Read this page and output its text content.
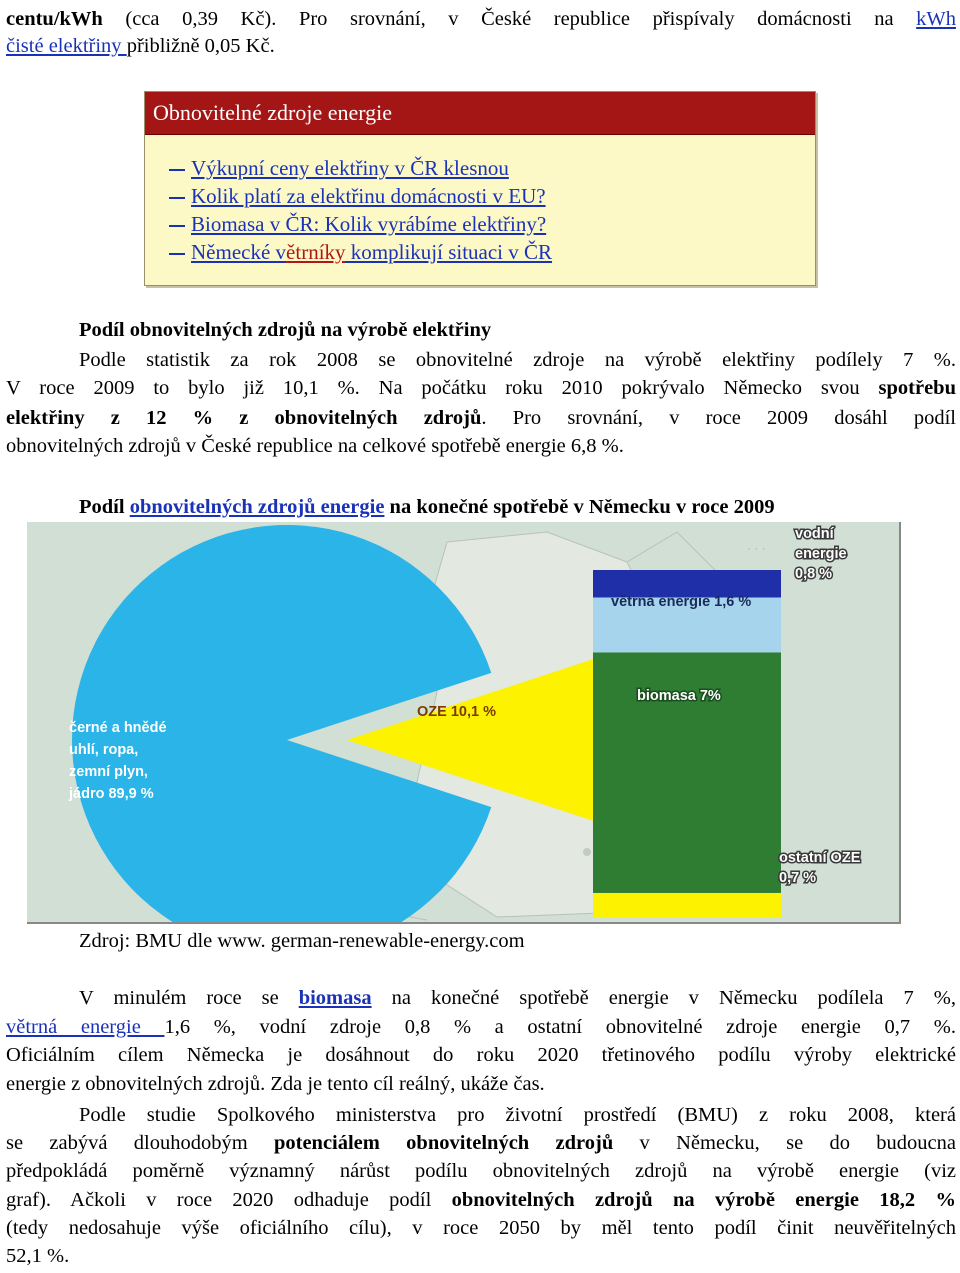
centu/kWh (cca 0,39 Kč). Pro srovnání, v České republice přispívaly domácnosti na kWh
čisté elektřiny přibližně 0,05 Kč.
Obnovitelné zdroje energie
Výkupní ceny elektřiny v ČR klesnou
Kolik platí za elektřinu domácnosti v EU?
Biomasa v ČR: Kolik vyrábíme elektřiny?
Německé větrníky komplikují situaci v ČR
Podíl obnovitelných zdrojů na výrobě elektřiny
Podle statistik za rok 2008 se obnovitelné zdroje na výrobě elektřiny podílely 7 %.
V roce 2009 to bylo již 10,1 %. Na počátku roku 2010 pokrývalo Německo svou spotřebu
elektřiny z 12 % z obnovitelných zdrojů. Pro srovnání, v roce 2009 dosáhl podíl
obnovitelných zdrojů v České republice na celkové spotřebě energie 6,8 %.
Podíl obnovitelných zdrojů energie na konečné spotřebě v Německu v roce 2009
· · ·
černé a hnědé
uhlí, ropa,
zemní plyn,
jádro 89,9 %
OZE 10,1 %
ostatní OZE
0,7 %
biomasa 7%
větrná energie 1,6 %
vodní
energie
0,8 %
Zdroj: BMU dle www. german-renewable-energy.com
V minulém roce se biomasa na konečné spotřebě energie v Německu podílela 7 %,
větrná energie 1,6 %, vodní zdroje 0,8 % a ostatní obnovitelné zdroje energie 0,7 %.
Oficiálním cílem Německa je dosáhnout do roku 2020 třetinového podílu výroby elektrické
energie z obnovitelných zdrojů. Zda je tento cíl reálný, ukáže čas.
Podle studie Spolkového ministerstva pro životní prostředí (BMU) z roku 2008, která
se zabývá dlouhodobým potenciálem obnovitelných zdrojů v Německu, se do budoucna
předpokládá poměrně významný nárůst podílu obnovitelných zdrojů na výrobě energie (viz
graf). Ačkoli v roce 2020 odhaduje podíl obnovitelných zdrojů na výrobě energie 18,2 %
(tedy nedosahuje výše oficiálního cílu), v roce 2050 by měl tento podíl činit neuvěřitelných
52,1 %.
